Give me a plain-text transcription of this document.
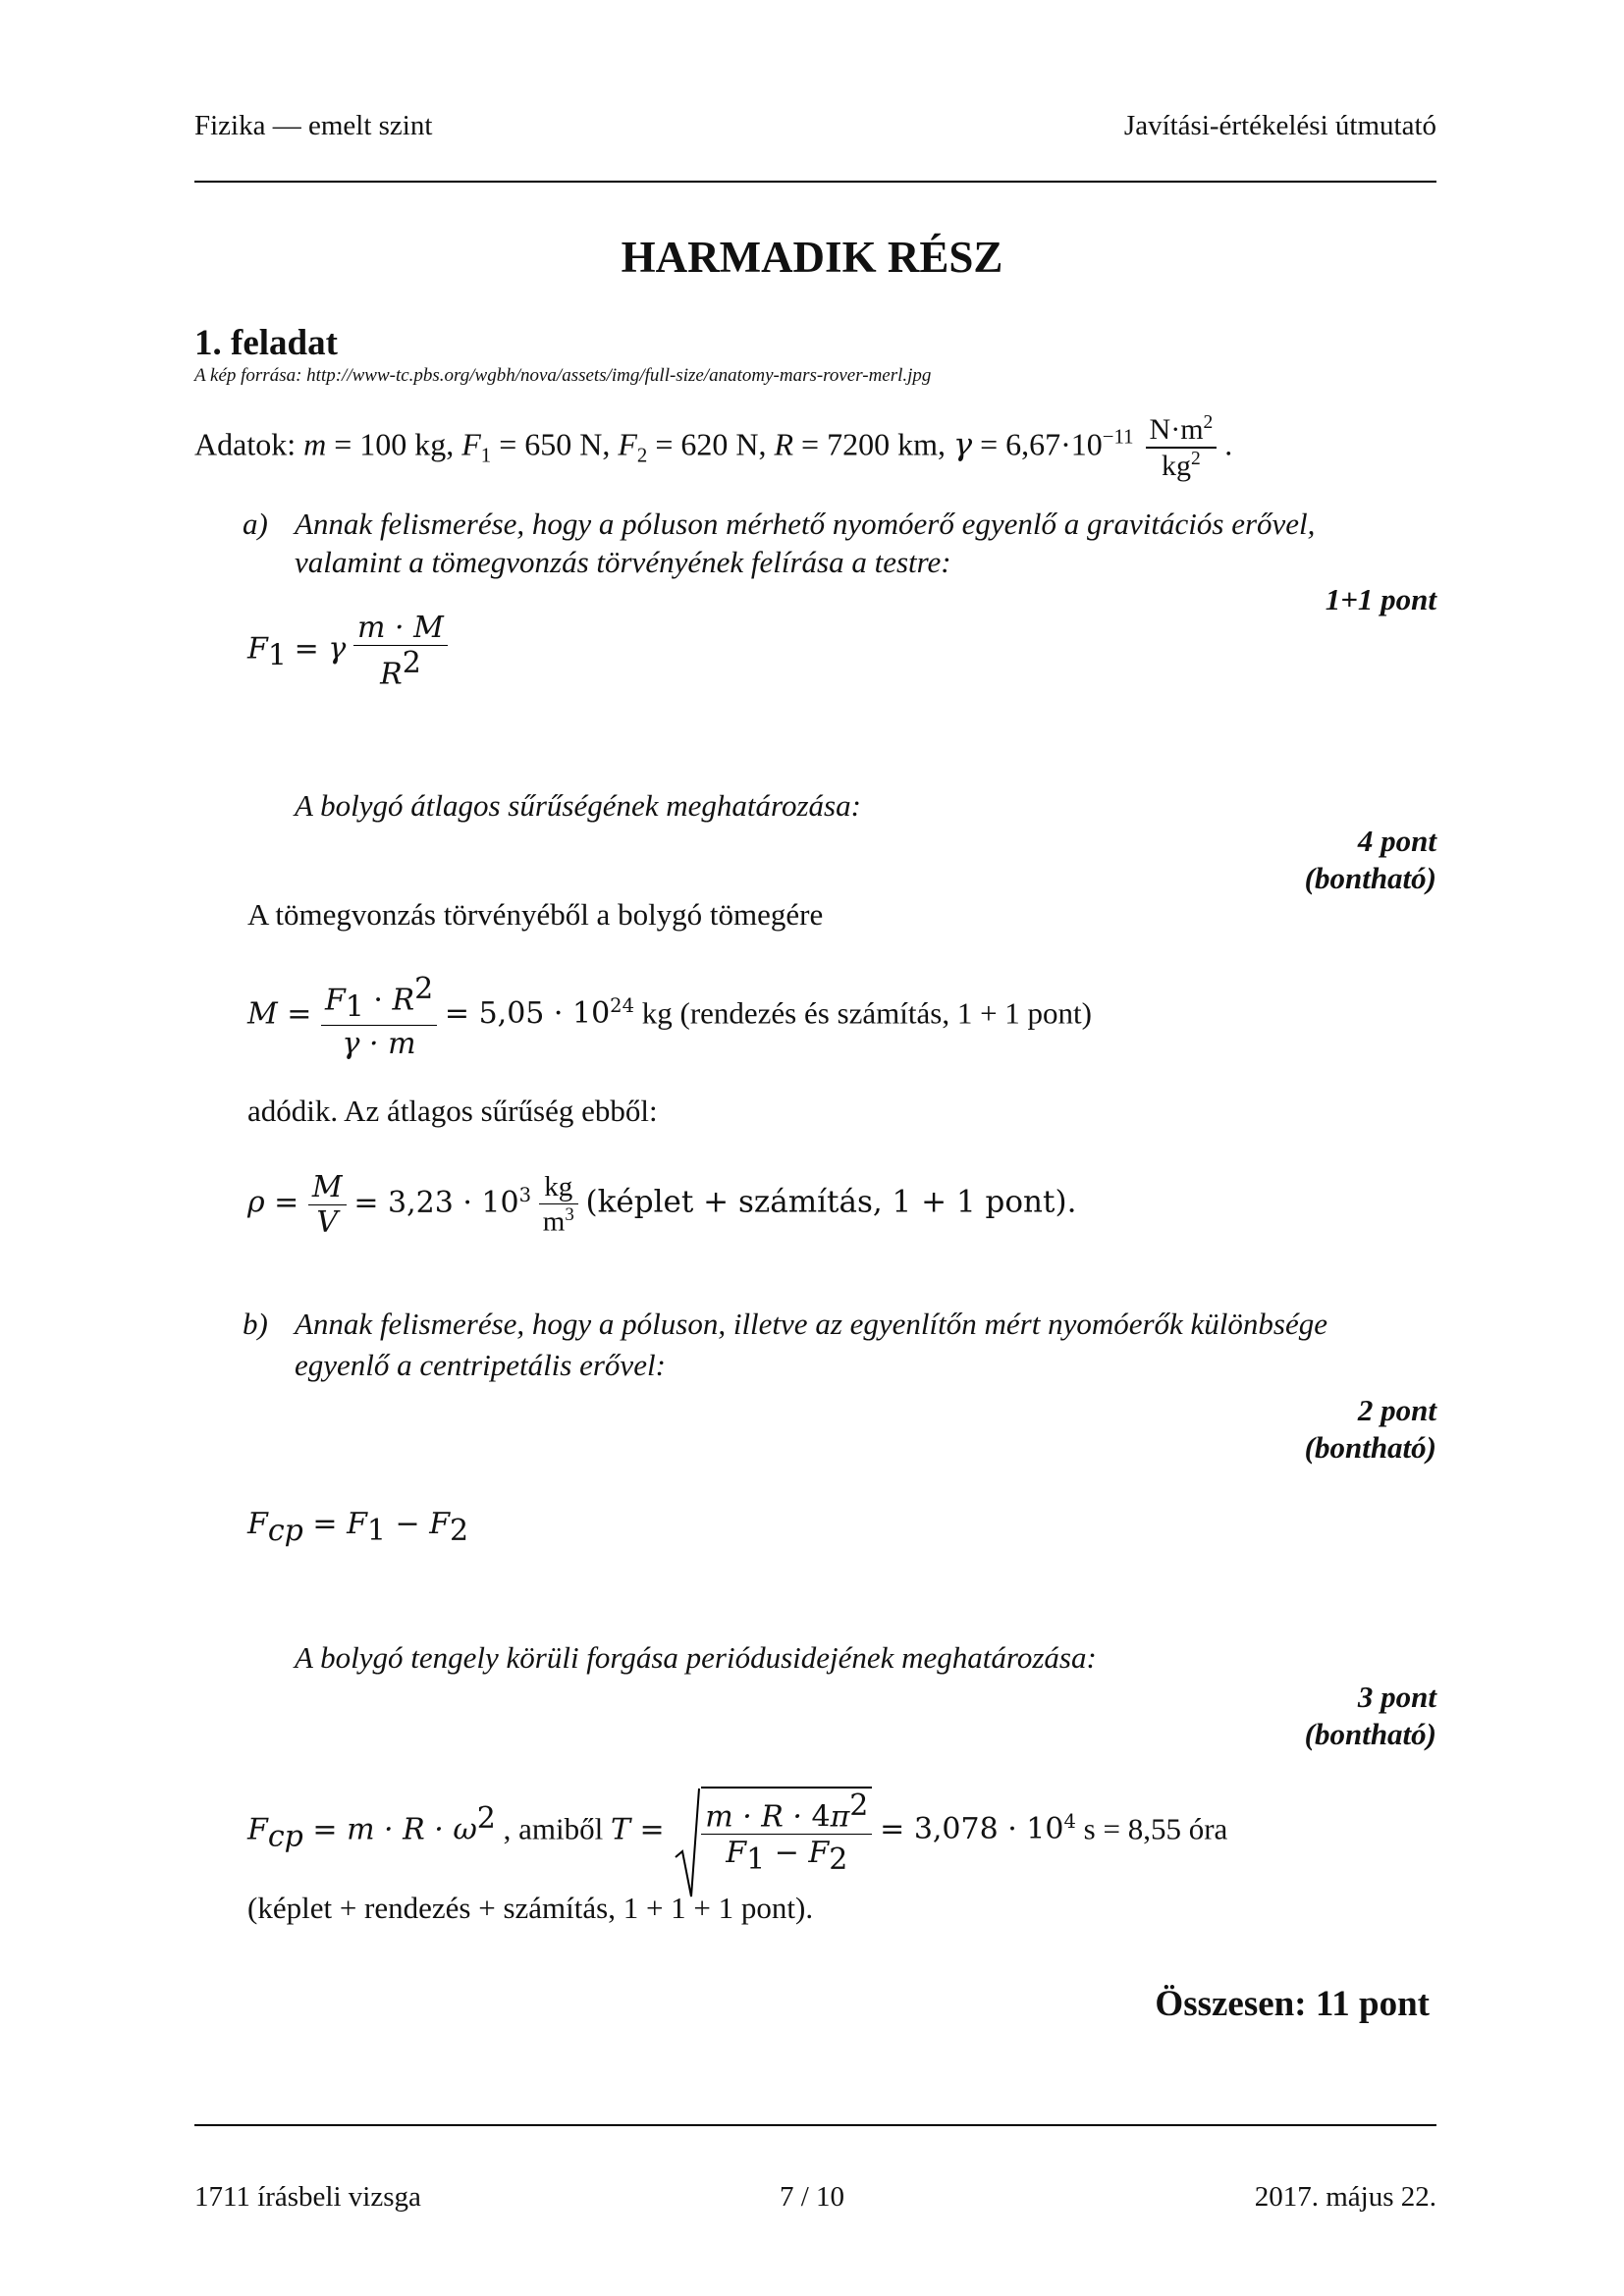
Fizika — emelt szint	Javítási-értékelési útmutató
HARMADIK RÉSZ
1. feladat
A kép forrása: http://www-tc.pbs.org/wgbh/nova/assets/img/full-size/anatomy-mars-rover-merl.jpg
Adatok: m = 100 kg, $F_1 = 650$ N, $F_2 = 620$ N, R = 7200 km, $\gamma = 6,67\cdot 10^{-11} \frac{N\cdot m^2}{kg^2}$ .
a) Annak felismerése, hogy a póluson mérhető nyomóerő egyenlő a gravitációs erővel,
valamint a tömegvonzás törvényének felírása a testre:
1+1 pont
$F_1 = \gamma \frac{m \cdot M}{R^2}$
A bolygó átlagos sűrűségének meghatározása:
4 pont
(bontható)
A tömegvonzás törvényéből a bolygó tömegére
$M = \frac{F_1 \cdot R^2}{\gamma \cdot m} = 5,05 \cdot 10^{24}$ kg (rendezés és számítás, 1 + 1 pont)
adódik. Az átlagos sűrűség ebből:
$\rho = \frac{M}{V} = 3,23 \cdot 10^3 \frac{kg}{m^3}$ (képlet + számítás, 1 + 1 pont).
b) Annak felismerése, hogy a póluson, illetve az egyenlítőn mért nyomóerők különbsége
egyenlő a centripetális erővel:
2 pont
(bontható)
$F_{cp} = F_1 - F_2$
A bolygó tengely körüli forgása periódusidejének meghatározása:
3 pont
(bontható)
$F_{cp} = m \cdot R \cdot \omega^2$ , amiből $T = \frac{m \cdot R \cdot 4\pi^2}{F_1 - F_2} = 3,078 \cdot 10^4$ s = 8,55 óra
(képlet + rendezés + számítás, 1 + 1 + 1 pont).
Összesen: 11 pont
1711 írásbeli vizsga	7 / 10	2017. május 22.
